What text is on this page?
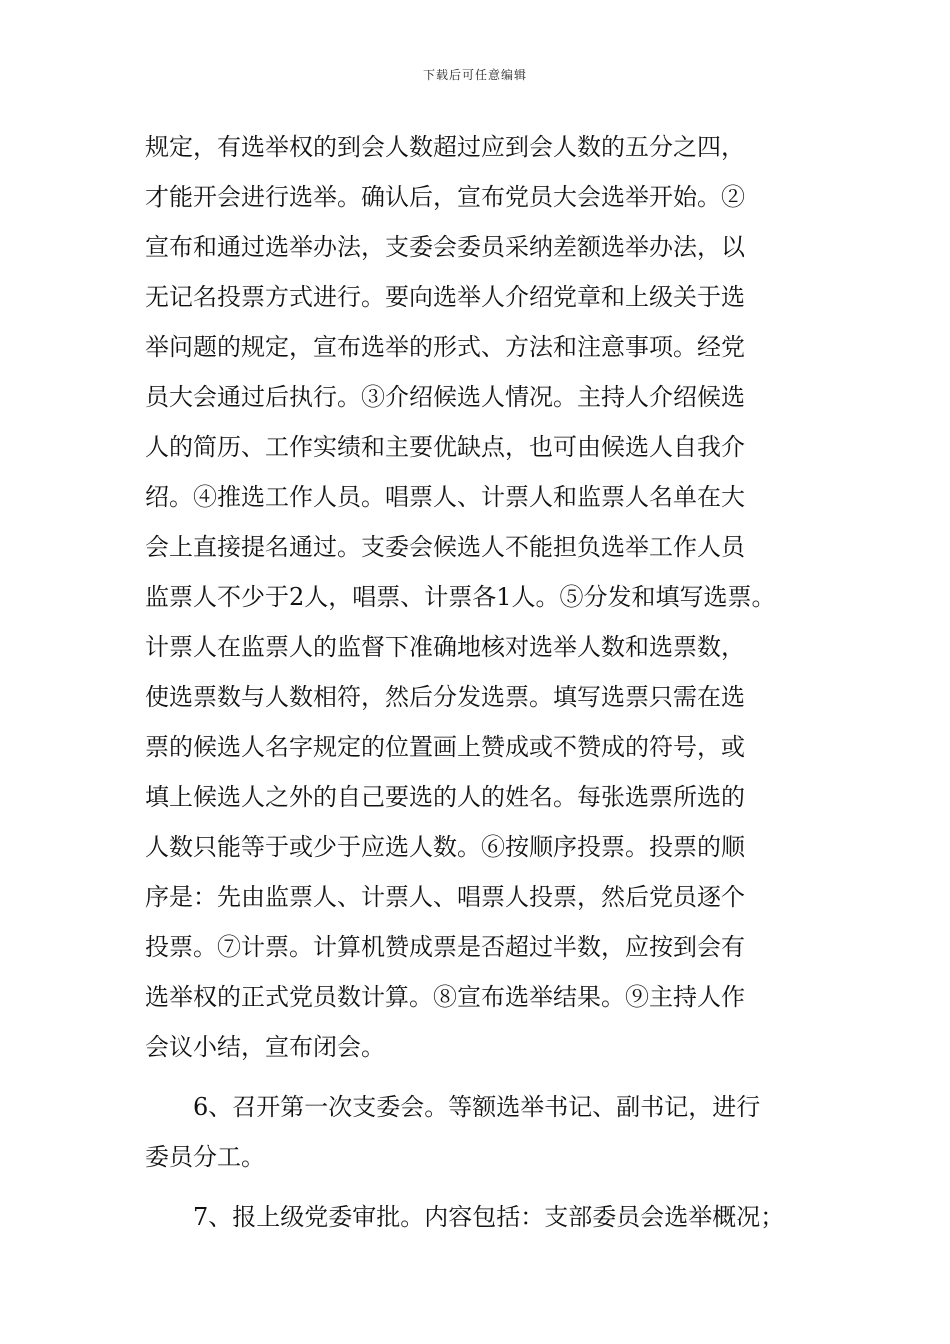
下载后可任意编辑
规定，有选举权的到会人数超过应到会人数的五分之四，
才能开会进行选举。确认后，宣布党员大会选举开始。②
宣布和通过选举办法，支委会委员采纳差额选举办法，以
无记名投票方式进行。要向选举人介绍党章和上级关于选
举问题的规定，宣布选举的形式、方法和注意事项。经党
员大会通过后执行。③介绍候选人情况。主持人介绍候选
人的简历、工作实绩和主要优缺点，也可由候选人自我介
绍。④推选工作人员。唱票人、计票人和监票人名单在大
会上直接提名通过。支委会候选人不能担负选举工作人员
监票人不少于2人，唱票、计票各1人。⑤分发和填写选票。
计票人在监票人的监督下准确地核对选举人数和选票数，
使选票数与人数相符，然后分发选票。填写选票只需在选
票的候选人名字规定的位置画上赞成或不赞成的符号，或
填上候选人之外的自己要选的人的姓名。每张选票所选的
人数只能等于或少于应选人数。⑥按顺序投票。投票的顺
序是：先由监票人、计票人、唱票人投票，然后党员逐个
投票。⑦计票。计算机赞成票是否超过半数，应按到会有
选举权的正式党员数计算。⑧宣布选举结果。⑨主持人作
会议小结，宣布闭会。
6、召开第一次支委会。等额选举书记、副书记，进行
委员分工。
7、报上级党委审批。内容包括：支部委员会选举概况；
